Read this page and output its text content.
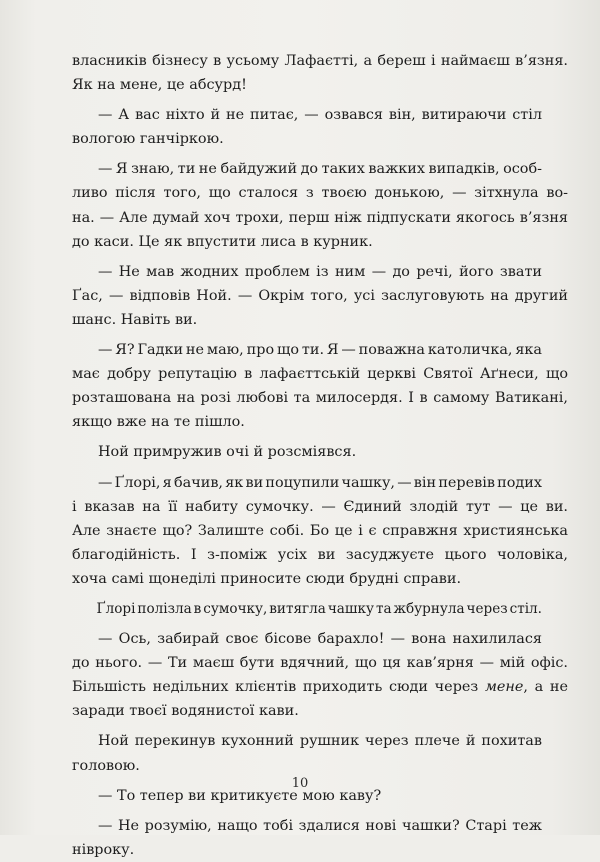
власників бізнесу в усьому Лафаєтті, а береш і наймаєш в’язня.
Як на мене, це абсурд!

— А вас ніхто й не питає, — озвався він, витираючи стіл
вологою ганчіркою.

— Я знаю, ти не байдужий до таких важких випадків, особ-
ливо після того, що сталося з твоєю донькою, — зітхнула во-
на. — Але думай хоч трохи, перш ніж підпускати якогось в’язня
до каси. Це як впустити лиса в курник.

— Не мав жодних проблем із ним — до речі, його звати
Ґас, — відповів Ной. — Окрім того, усі заслуговують на другий
шанс. Навіть ви.

— Я? Гадки не маю, про що ти. Я — поважна католичка, яка
має добру репутацію в лафаєттській церкві Святої Аґнеси, що
розташована на розі любові та милосердя. І в самому Ватикані,
якщо вже на те пішло.

Ной примружив очі й розсміявся.

— Ґлорі, я бачив, як ви поцупили чашку, — він перевів подих
і вказав на її набиту сумочку. — Єдиний злодій тут — це ви.
Але знаєте що? Залиште собі. Бо це і є справжня християнська
благодійність. І з-поміж усіх ви засуджуєте цього чоловіка,
хоча самі щонеділі приносите сюди брудні справи.

Ґлорі полізла в сумочку, витягла чашку та жбурнула через стіл.

— Ось, забирай своє бісове барахло! — вона нахилилася
до нього. — Ти маєш бути вдячний, що ця кав’ярня — мій офіс.
Більшість недільних клієнтів приходить сюди через мене, а не
заради твоєї водянистої кави.

Ной перекинув кухонний рушник через плече й похитав
головою.

— То тепер ви критикуєте мою каву?

— Не розумію, нащо тобі здалися нові чашки? Старі теж
нівроку.

10
